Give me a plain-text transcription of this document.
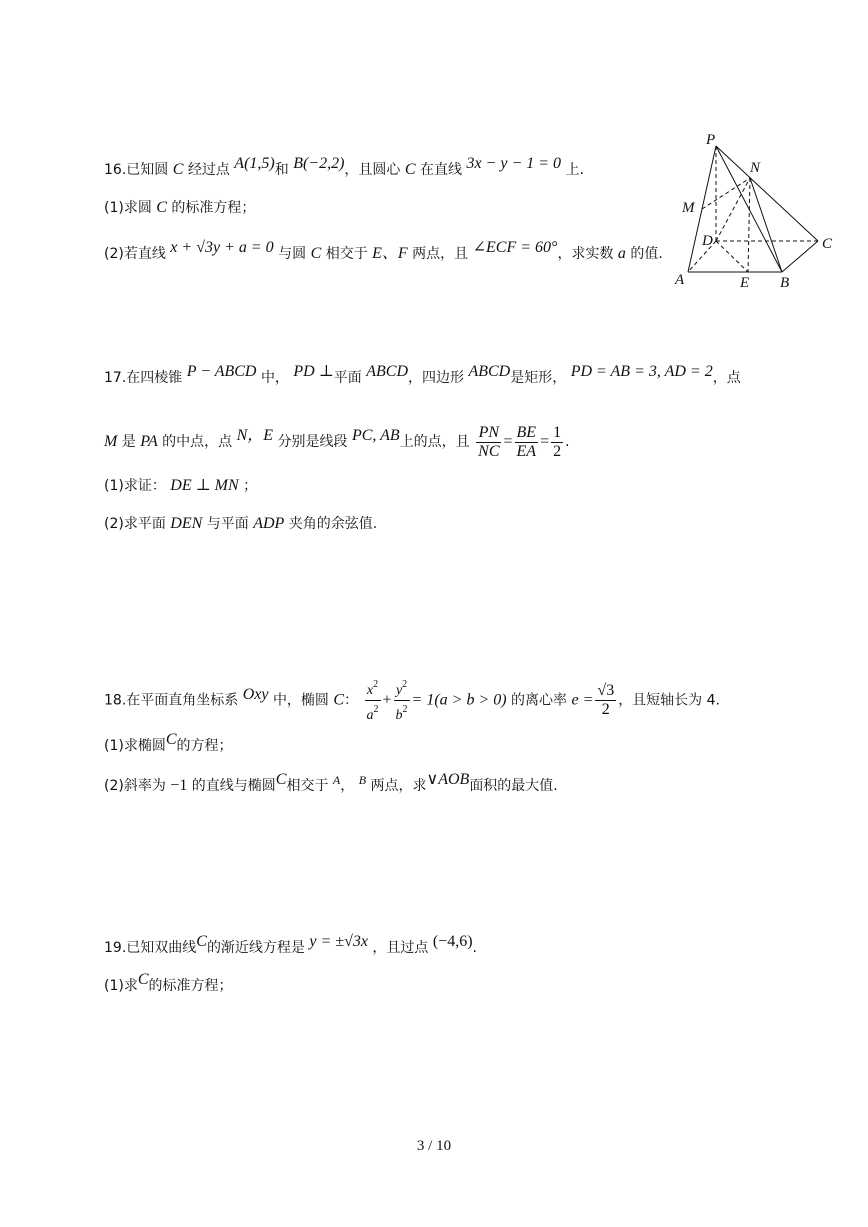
16.已知圆 C 经过点 A(1,5)和 B(−2,2)，且圆心 C 在直线 3x − y − 1 = 0 上.
(1)求圆 C 的标准方程；
(2)若直线 x + √3y + a = 0 与圆 C 相交于 E、F 两点，且 ∠ECF = 60°，求实数 a 的值.
P
N
M
D	C
A	E B
17.在四棱锥 P − ABCD 中， PD ⊥平面 ABCD，四边形 ABCD是矩形， PD = AB = 3, AD = 2，点
M 是 PA 的中点，点 N，E 分别是线段 PC, AB上的点，且 $\frac{PN}{NC} = \frac{BE}{EA} = \frac{1}{2}$ .
(1)求证： DE ⊥ MN ；
(2)求平面 DEN 与平面 ADP 夹角的余弦值.
18.在平面直角坐标系 Oxy 中，椭圆 C： $\frac{x^2}{a^2} + \frac{y^2}{b^2} = 1(a > b > 0)$ 的离心率 $e = \frac{√3}{2}$ ，且短轴长为 4.
(1)求椭圆C的方程；
(2)斜率为 −1 的直线与椭圆C相交于 A， B 两点，求∨AOB面积的最大值.
19.已知双曲线C的渐近线方程是 y = ±√3x ，且过点 (−4,6).
(1)求C的标准方程；
3 / 10
